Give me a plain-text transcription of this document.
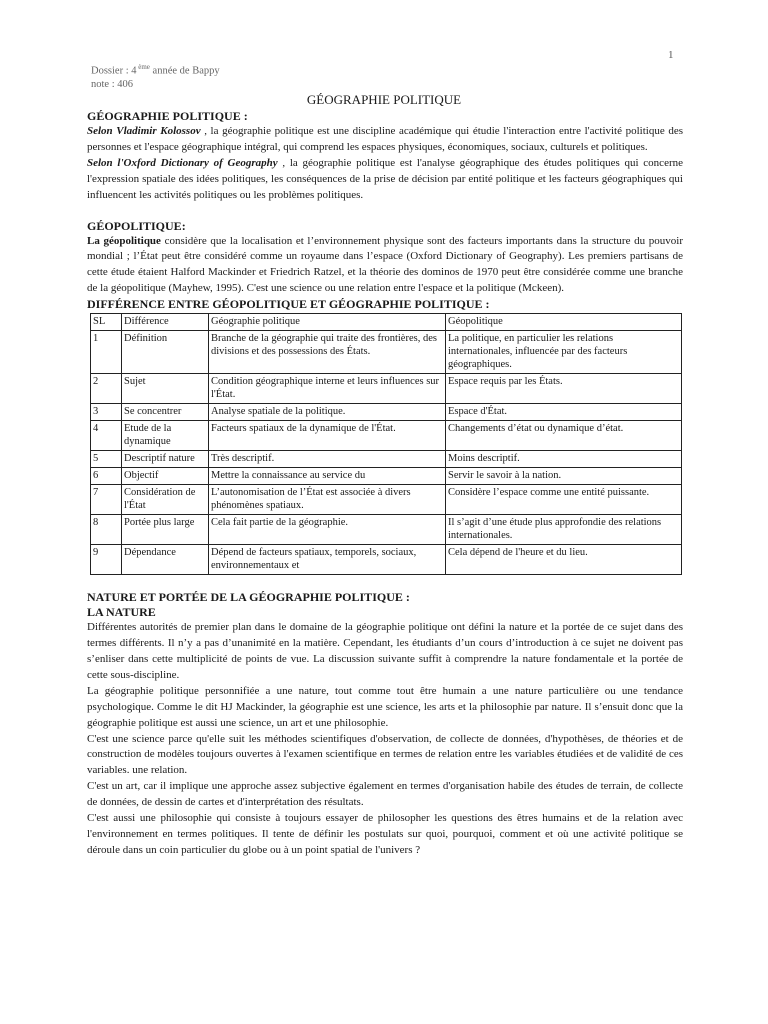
1
Dossier : 4 $^{ème}$ année de Bappy
note : 406
GÉOGRAPHIE POLITIQUE
GÉOGRAPHIE POLITIQUE :

Selon Vladimir Kolossov , la géographie politique est une discipline académique qui étudie l'interaction entre l'activité politique des personnes et l'espace géographique intégral, qui comprend les espaces physiques, économiques, sociaux, culturels et politiques.

Selon l'Oxford Dictionary of Geography , la géographie politique est l'analyse géographique des études politiques qui concerne l'expression spatiale des idées politiques, les conséquences de la prise de décision par entité politique et les facteurs géographiques qui influencent les activités politiques ou les problèmes politiques.

GÉOPOLITIQUE:

La géopolitique considère que la localisation et l’environnement physique sont des facteurs importants dans la structure du pouvoir mondial ; l’État peut être considéré comme un royaume dans l’espace (Oxford Dictionary of Geography). Les premiers partisans de cette étude étaient Halford Mackinder et Friedrich Ratzel, et la théorie des dominos de 1970 peut être considérée comme une branche de la géopolitique (Mayhew, 1995). C'est une science ou une relation entre l'espace et la politique (Mckeen).

DIFFÉRENCE ENTRE GÉOPOLITIQUE ET GÉOGRAPHIE POLITIQUE :
SL	Différence	Géographie politique	Géopolitique

1	Définition	Branche de la géographie qui traite des frontières, des divisions et des possessions des États.	La politique, en particulier les relations internationales, influencée par des facteurs géographiques.

2	Sujet	Condition géographique interne et leurs influences sur l'État.	Espace requis par les États.

3	Se concentrer	Analyse spatiale de la politique.	Espace d'État.

4	Etude de la dynamique	Facteurs spatiaux de la dynamique de l'État.	Changements d’état ou dynamique d’état.

5	Descriptif nature	Très descriptif.	Moins descriptif.

6	Objectif	Mettre la connaissance au service du	Servir le savoir à la nation.

7	Considération de l'État	L’autonomisation de l’État est associée à divers phénomènes spatiaux.	Considère l’espace comme une entité puissante.

8	Portée plus large	Cela fait partie de la géographie.	Il s’agit d’une étude plus approfondie des relations internationales.

9	Dépendance	Dépend de facteurs spatiaux, temporels, sociaux, environnementaux et	Cela dépend de l'heure et du lieu.
NATURE ET PORTÉE DE LA GÉOGRAPHIE POLITIQUE :
LA NATURE

Différentes autorités de premier plan dans le domaine de la géographie politique ont défini la nature et la portée de ce sujet dans des termes différents. Il n’y a pas d’unanimité en la matière. Cependant, les étudiants d’un cours d’introduction à ce sujet ne doivent pas s’enliser dans cette multiplicité de points de vue. La discussion suivante suffit à comprendre la nature fondamentale et la portée de cette sous-discipline.

La géographie politique personnifiée a une nature, tout comme tout être humain a une nature particulière ou une tendance psychologique. Comme le dit HJ Mackinder, la géographie est une science, les arts et la philosophie par nature. Il s’ensuit donc que la géographie politique est aussi une science, un art et une philosophie.

C'est une science parce qu'elle suit les méthodes scientifiques d'observation, de collecte de données, d'hypothèses, de théories et de construction de modèles toujours ouvertes à l'examen scientifique en termes de relation entre les variables étudiées et de validité de ces variables. une relation.

C'est un art, car il implique une approche assez subjective également en termes d'organisation habile des études de terrain, de collecte de données, de dessin de cartes et d'interprétation des résultats.

C'est aussi une philosophie qui consiste à toujours essayer de philosopher les questions des êtres humains et de la relation avec l'environnement en termes politiques. Il tente de définir les postulats sur quoi, pourquoi, comment et où une activité politique se déroule dans un coin particulier du globe ou à un point spatial de l'univers ?
